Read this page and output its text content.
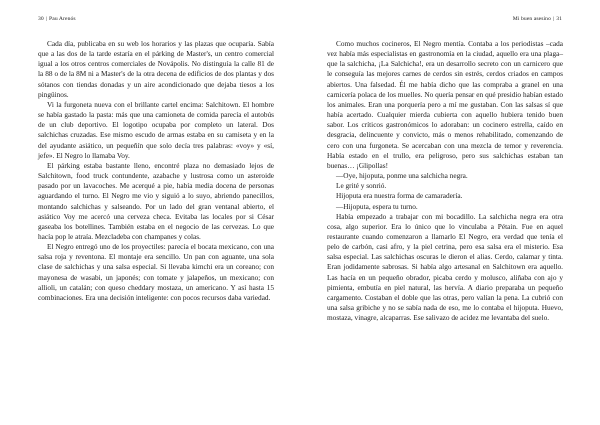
30 | Pau Arenós

Cada día, publicaba en su web los horarios y las plazas que ocuparía. Sabía que a las dos de la tarde estaría en el párking de Master's, un centro comercial igual a los otros centros comerciales de Novápolis. No distinguía la calle 81 de la 88 o de la 8M ni a Master's de la otra decena de edificios de dos plantas y dos sótanos con tiendas donadas y un aire acondicionado que dejaba tiesos a los pingüinos.

Vi la furgoneta nueva con el brillante cartel encima: Salchitown. El hombre se había gastado la pasta: más que una camioneta de comida parecía el autobús de un club deportivo. El logotipo ocupaba por completo un lateral. Dos salchichas cruzadas. Ese mismo escudo de armas estaba en su camiseta y en la del ayudante asiático, un pequeñín que solo decía tres palabras: «voy» y «sí, jefe». El Negro lo llamaba Voy.

El párking estaba bastante lleno, encontré plaza no demasiado lejos de Salchitown, food truck contundente, azabache y lustrosa como un asteroide pasado por un lavacoches. Me acerqué a pie, había media docena de personas aguardando el turno. El Negro me vio y siguió a lo suyo, abriendo panecillos, montando salchichas y salseando. Por un lado del gran ventanal abierto, el asiático Voy me acercó una cerveza checa. Evitaba las locales por si César gaseaba los botellines. También estaba en el negocio de las cervezas. Lo que hacía pop le atraía. Mezcladeba con champanes y colas.

El Negro entregó uno de los proyectiles: parecía el bocata mexicano, con una salsa roja y reventona. El montaje era sencillo. Un pan con aguante, una sola clase de salchichas y una salsa especial. Si llevaba kimchi era un coreano; con mayonesa de wasabi, un japonés; con tomate y jalapeños, un mexicano; con allioli, un catalán; con queso cheddary mostaza, un americano. Y así hasta 15 combinaciones. Era una decisión inteligente: con pocos recursos daba variedad.

Mi buen asesino | 31

Como muchos cocineros, El Negro mentía. Contaba a los periodistas –cada vez había más especialistas en gastronomía en la ciudad, aquello era una plaga– que la salchicha, ¡La Salchicha!, era un desarrollo secreto con un carnicero que le conseguía las mejores carnes de cerdos sin estrés, cerdos criados en campos abiertos. Una falsedad. Él me había dicho que las compraba a granel en una carnicería polaca de los muelles. No quería pensar en qué presidio habían estado los animales. Eran una porquería pero a mí me gustaban. Con las salsas sí que había acertado. Cualquier mierda cubierta con aquello hubiera tenido buen sabor. Los críticos gastronómicos lo adoraban: un cocinero estrella, caído en desgracia, delincuente y convicto, más o menos rehabilitado, comenzando de cero con una furgoneta. Se acercaban con una mezcla de temor y reverencia. Había estado en el trullo, era peligroso, pero sus salchichas estaban tan buenas… ¡Glipollas!

—Oye, hijoputa, ponme una salchicha negra.

Le grité y sonrió.

Hijoputa era nuestra forma de camaradería.

—Hijoputa, espera tu turno.

Había empezado a trabajar con mi bocadillo. La salchicha negra era otra cosa, algo superior. Era lo único que lo vinculaba a Pétain. Fue en aquel restaurante cuando comenzaron a llamarlo El Negro, era verdad que tenía el pelo de carbón, casi afro, y la piel cetrina, pero esa salsa era el misterio. Esa salsa especial. Las salchichas oscuras le dieron el alias. Cerdo, calamar y tinta. Eran jodidamente sabrosas. Si había algo artesanal en Salchitown era aquello. Las hacía en un pequeño obrador, picaba cerdo y molusco, aliñaba con ajo y pimienta, embutía en piel natural, las hervía. A diario preparaba un pequeño cargamento. Costaban el doble que las otras, pero valían la pena. La cubrió con una salsa gribiche y no se sabía nada de eso, me lo contaba el hijoputa. Huevo, mostaza, vinagre, alcaparras. Ese salivazo de acidez me levantaba del suelo.
